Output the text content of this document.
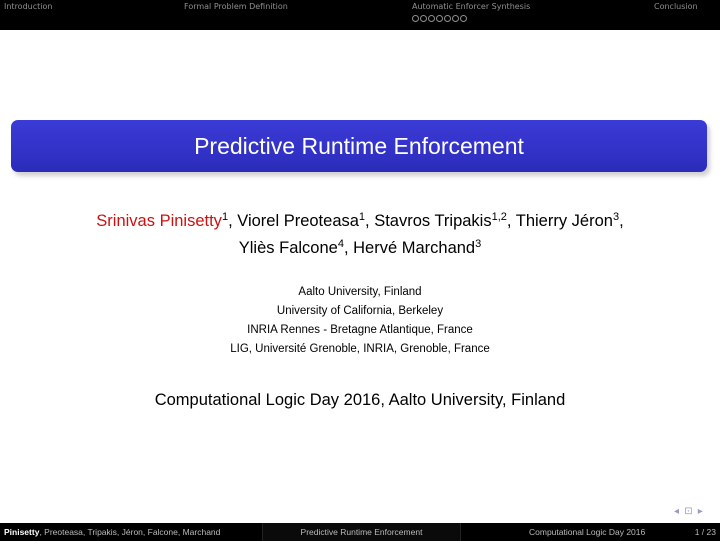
Introduction	Formal Problem Definition	Automatic Enforcer Synthesis	Conclusion
Predictive Runtime Enforcement
Srinivas Pinisetty$^1$, Viorel Preoteasa$^1$, Stavros Tripakis$^{1,2}$, Thierry Jéron$^3$,
Yliès Falcone$^4$, Hervé Marchand$^3$
Aalto University, Finland
University of California, Berkeley
INRIA Rennes - Bretagne Atlantique, France
LIG, Université Grenoble, INRIA, Grenoble, France
Computational Logic Day 2016, Aalto University, Finland
◂ ⊡ ▸
Pinisetty, Preoteasa, Tripakis, Jéron, Falcone, Marchand	Predictive Runtime Enforcement	Computational Logic Day 2016	1 / 23
